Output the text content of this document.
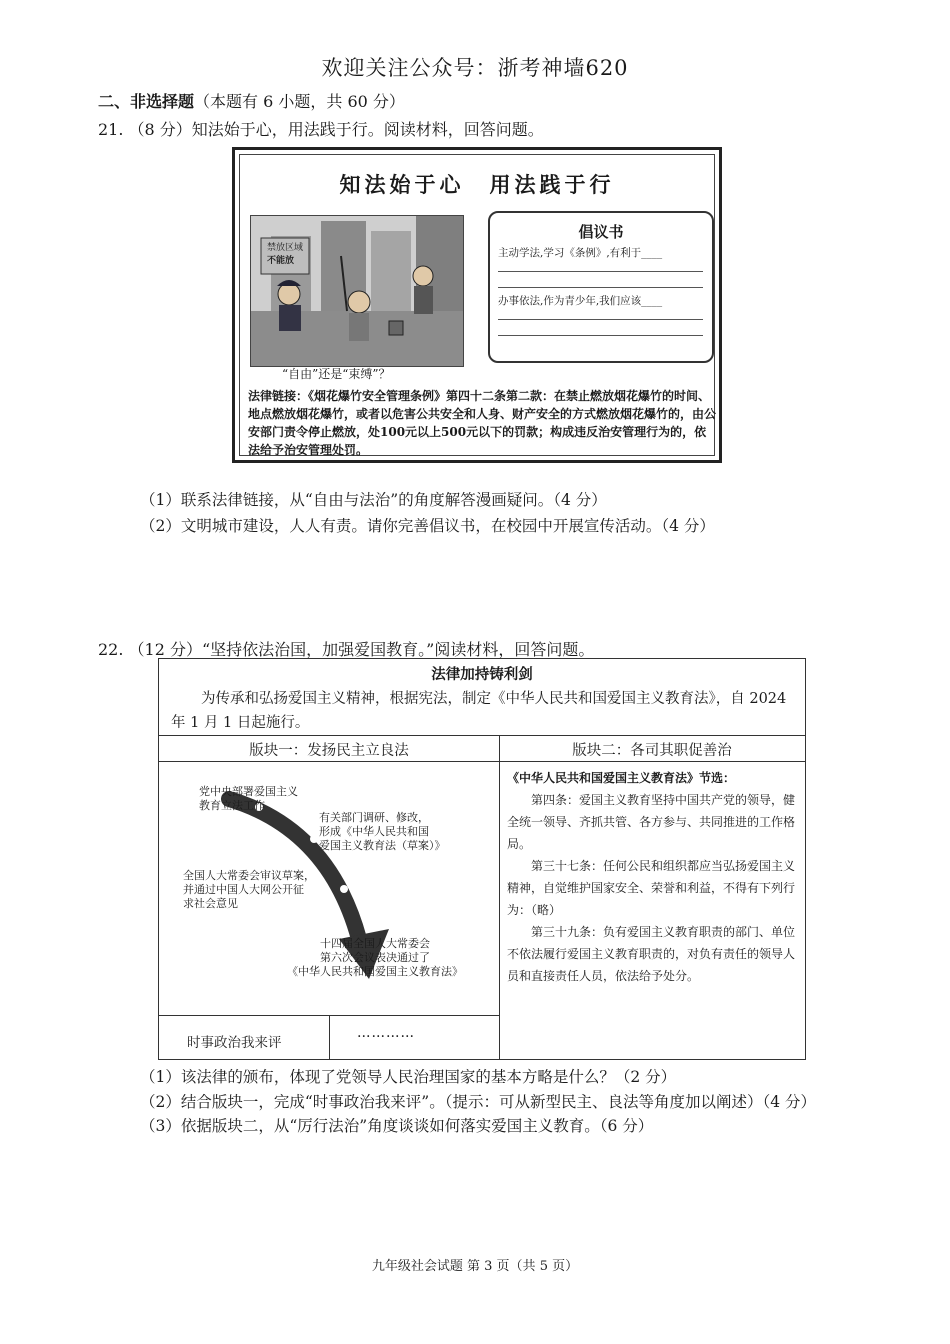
欢迎关注公众号：浙考神墙620
二、非选择题（本题有 6 小题，共 60 分）
21. （8 分）知法始于心，用法践于行。阅读材料，回答问题。
知法始于心　用法践于行
禁放区域
不能放
“自由”还是“束缚”？
倡议书
主动学法,学习《条例》,有利于____
办事依法,作为青少年,我们应该____
法律链接：《烟花爆竹安全管理条例》第四十二条第二款：在禁止燃放烟花爆竹的时间、地点燃放烟花爆竹，或者以危害公共安全和人身、财产安全的方式燃放烟花爆竹的，由公安部门责令停止燃放，处100元以上500元以下的罚款；构成违反治安管理行为的，依法给予治安管理处罚。
（1）联系法律链接，从“自由与法治”的角度解答漫画疑问。（4 分）
（2）文明城市建设，人人有责。请你完善倡议书，在校园中开展宣传活动。（4 分）
22. （12 分）“坚持依法治国，加强爱国教育。”阅读材料，回答问题。
法律加持铸利剑
为传承和弘扬爱国主义精神，根据宪法，制定《中华人民共和国爱国主义教育法》，自 2024 年 1 月 1 日起施行。
版块一：发扬民主立良法	版块二：各司其职促善治
党中央部署爱国主义
教育立法工作
有关部门调研、修改，
形成《中华人民共和国
爱国主义教育法（草案）》
全国人大常委会审议草案，
并通过中国人大网公开征
求社会意见
十四届全国人大常委会
第六次会议表决通过了
《中华人民共和国爱国主义教育法》
时事政治我来评
…………

《中华人民共和国爱国主义教育法》节选：

第四条：爱国主义教育坚持中国共产党的领导，健全统一领导、齐抓共管、各方参与、共同推进的工作格局。

第三十七条：任何公民和组织都应当弘扬爱国主义精神，自觉维护国家安全、荣誉和利益，不得有下列行为：（略）

第三十九条：负有爱国主义教育职责的部门、单位不依法履行爱国主义教育职责的，对负有责任的领导人员和直接责任人员，依法给予处分。

（1）该法律的颁布，体现了党领导人民治理国家的基本方略是什么？（2 分）
（2）结合版块一，完成“时事政治我来评”。（提示：可从新型民主、良法等角度加以阐述）（4 分）
（3）依据版块二，从“厉行法治”角度谈谈如何落实爱国主义教育。（6 分）
九年级社会试题 第 3 页（共 5 页）
